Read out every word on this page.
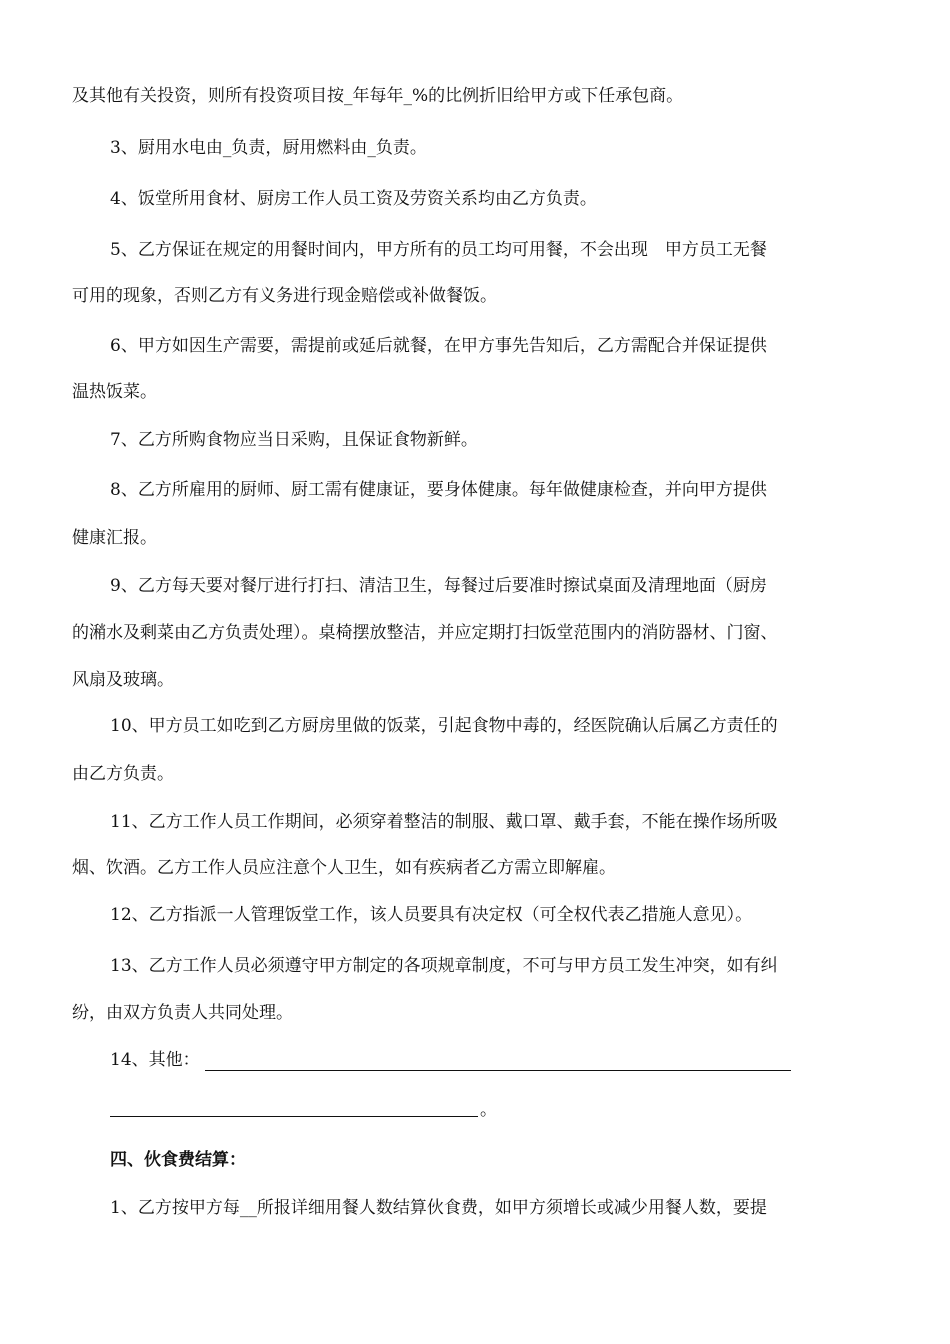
及其他有关投资，则所有投资项目按_年每年_%的比例折旧给甲方或下任承包商。
3、厨用水电由_负责，厨用燃料由_负责。
4、饭堂所用食材、厨房工作人员工资及劳资关系均由乙方负责。
5、乙方保证在规定的用餐时间内，甲方所有的员工均可用餐，不会出现　甲方员工无餐
可用的现象，否则乙方有义务进行现金赔偿或补做餐饭。
6、甲方如因生产需要，需提前或延后就餐，在甲方事先告知后，乙方需配合并保证提供
温热饭菜。
7、乙方所购食物应当日采购，且保证食物新鲜。
8、乙方所雇用的厨师、厨工需有健康证，要身体健康。每年做健康检查，并向甲方提供
健康汇报。
9、乙方每天要对餐厅进行打扫、清洁卫生，每餐过后要准时擦试桌面及清理地面（厨房
的潲水及剩菜由乙方负责处理）。桌椅摆放整洁，并应定期打扫饭堂范围内的消防器材、门窗、
风扇及玻璃。
10、甲方员工如吃到乙方厨房里做的饭菜，引起食物中毒的，经医院确认后属乙方责任的
由乙方负责。
11、乙方工作人员工作期间，必须穿着整洁的制服、戴口罩、戴手套，不能在操作场所吸
烟、饮酒。乙方工作人员应注意个人卫生，如有疾病者乙方需立即解雇。
12、乙方指派一人管理饭堂工作，该人员要具有决定权（可全权代表乙措施人意见）。
13、乙方工作人员必须遵守甲方制定的各项规章制度，不可与甲方员工发生冲突，如有纠
纷，由双方负责人共同处理。
14、其他：
。
四、伙食费结算：
1、乙方按甲方每__所报详细用餐人数结算伙食费，如甲方须增长或减少用餐人数，要提
